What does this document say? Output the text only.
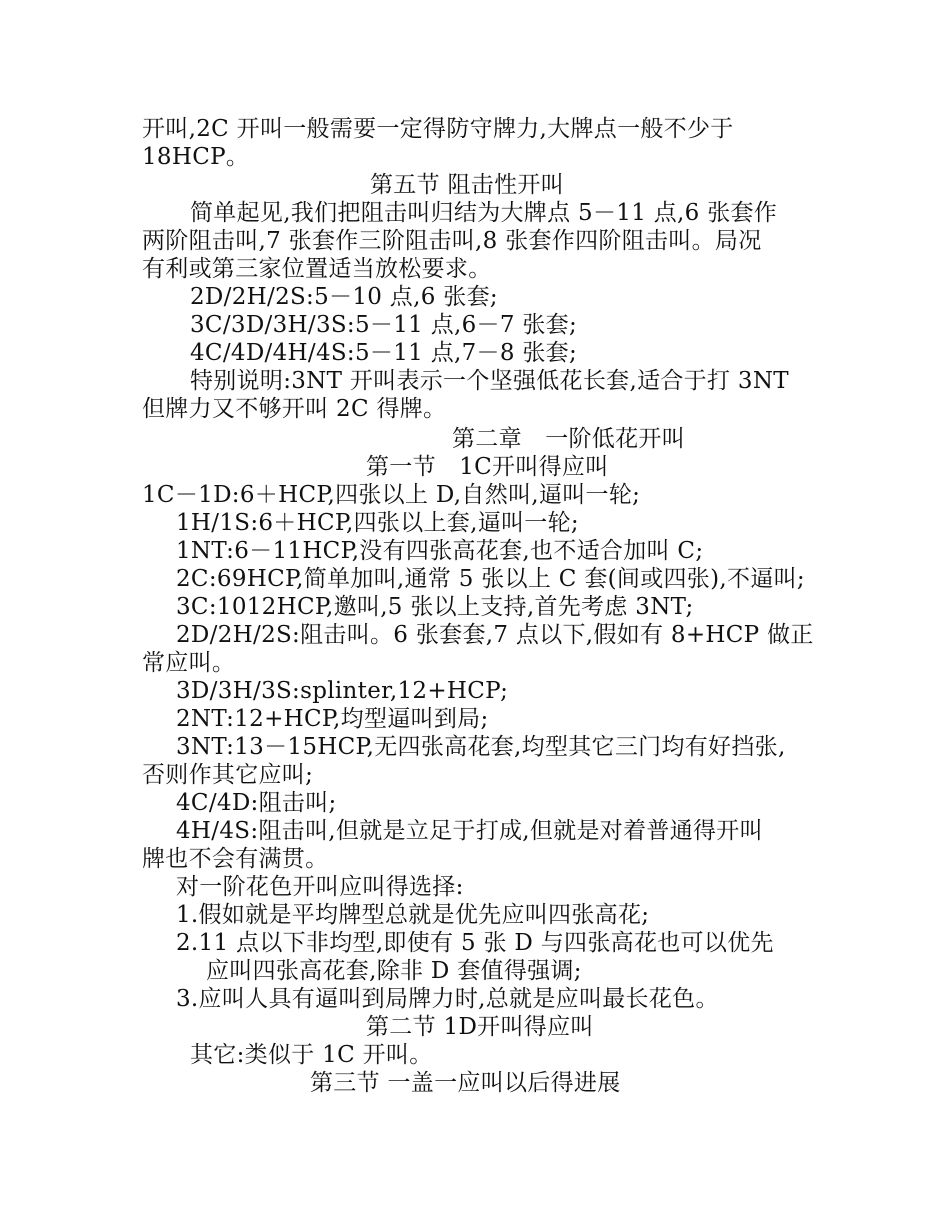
开叫,2C 开叫一般需要一定得防守牌力,大牌点一般不少于
18HCP。
第五节 阻击性开叫
简单起见,我们把阻击叫归结为大牌点 5－11 点,6 张套作
两阶阻击叫,7 张套作三阶阻击叫,8 张套作四阶阻击叫。局况
有利或第三家位置适当放松要求。
2D/2H/2S:5－10 点,6 张套;
3C/3D/3H/3S:5－11 点,6－7 张套;
4C/4D/4H/4S:5－11 点,7－8 张套;
特别说明:3NT 开叫表示一个坚强低花长套,适合于打 3NT
但牌力又不够开叫 2C 得牌。
第二章　一阶低花开叫
第一节　1C开叫得应叫
1C－1D:6＋HCP,四张以上 D,自然叫,逼叫一轮;
1H/1S:6＋HCP,四张以上套,逼叫一轮;
1NT:6－11HCP,没有四张高花套,也不适合加叫 C;
2C:69HCP,简单加叫,通常 5 张以上 C 套(间或四张),不逼叫;
3C:1012HCP,邀叫,5 张以上支持,首先考虑 3NT;
2D/2H/2S:阻击叫。6 张套套,7 点以下,假如有 8+HCP 做正
常应叫。
3D/3H/3S:splinter,12+HCP;
2NT:12+HCP,均型逼叫到局;
3NT:13－15HCP,无四张高花套,均型其它三门均有好挡张,
否则作其它应叫;
4C/4D:阻击叫;
4H/4S:阻击叫,但就是立足于打成,但就是对着普通得开叫
牌也不会有满贯。
对一阶花色开叫应叫得选择:
1.假如就是平均牌型总就是优先应叫四张高花;
2.11 点以下非均型,即使有 5 张 D 与四张高花也可以优先
应叫四张高花套,除非 D 套值得强调;
3.应叫人具有逼叫到局牌力时,总就是应叫最长花色。
第二节 1D开叫得应叫
其它:类似于 1C 开叫。
第三节 一盖一应叫以后得进展
